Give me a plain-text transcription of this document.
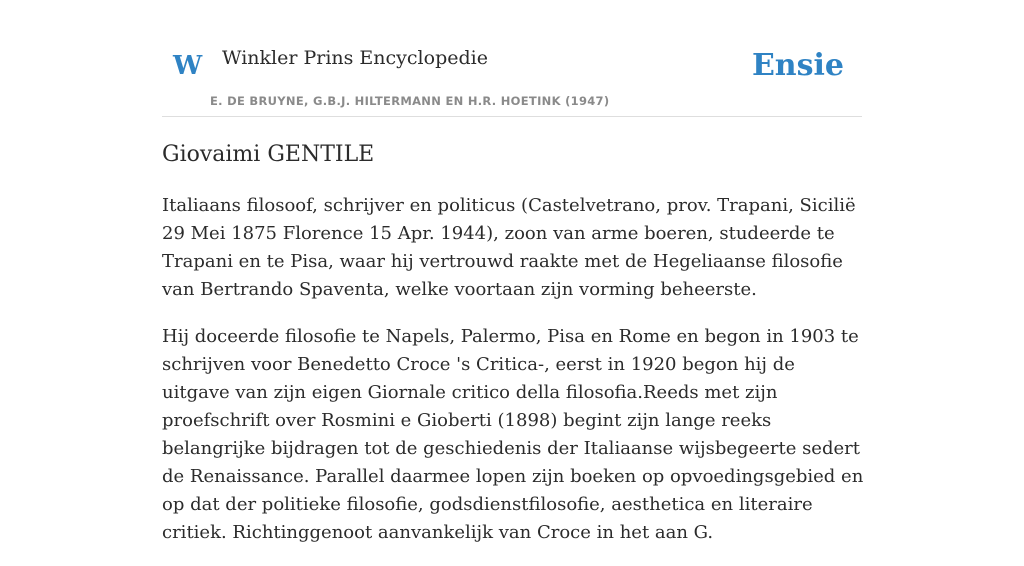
W Winkler Prins Encyclopedie
E. DE BRUYNE, G.B.J. HILTERMANN EN H.R. HOETINK (1947)
Ensie
Giovaimi GENTILE

Italiaans filosoof, schrijver en politicus (Castelvetrano, prov. Trapani, Sicilië 29 Mei 1875 Florence 15 Apr. 1944), zoon van arme boeren, studeerde te Trapani en te Pisa, waar hij vertrouwd raakte met de Hegeliaanse filosofie van Bertrando Spaventa, welke voortaan zijn vorming beheerste.

Hij doceerde filosofie te Napels, Palermo, Pisa en Rome en begon in 1903 te schrijven voor Benedetto Croce 's Critica-, eerst in 1920 begon hij de uitgave van zijn eigen Giornale critico della filosofia.Reeds met zijn proefschrift over Rosmini e Gioberti (1898) begint zijn lange reeks belangrijke bijdragen tot de geschiedenis der Italiaanse wijsbegeerte sedert de Renaissance. Parallel daarmee lopen zijn boeken op opvoedingsgebied en op dat der politieke filosofie, godsdienstfilosofie, aesthetica en literaire critiek. Richtinggenoot aanvankelijk van Croce in het aan G.
